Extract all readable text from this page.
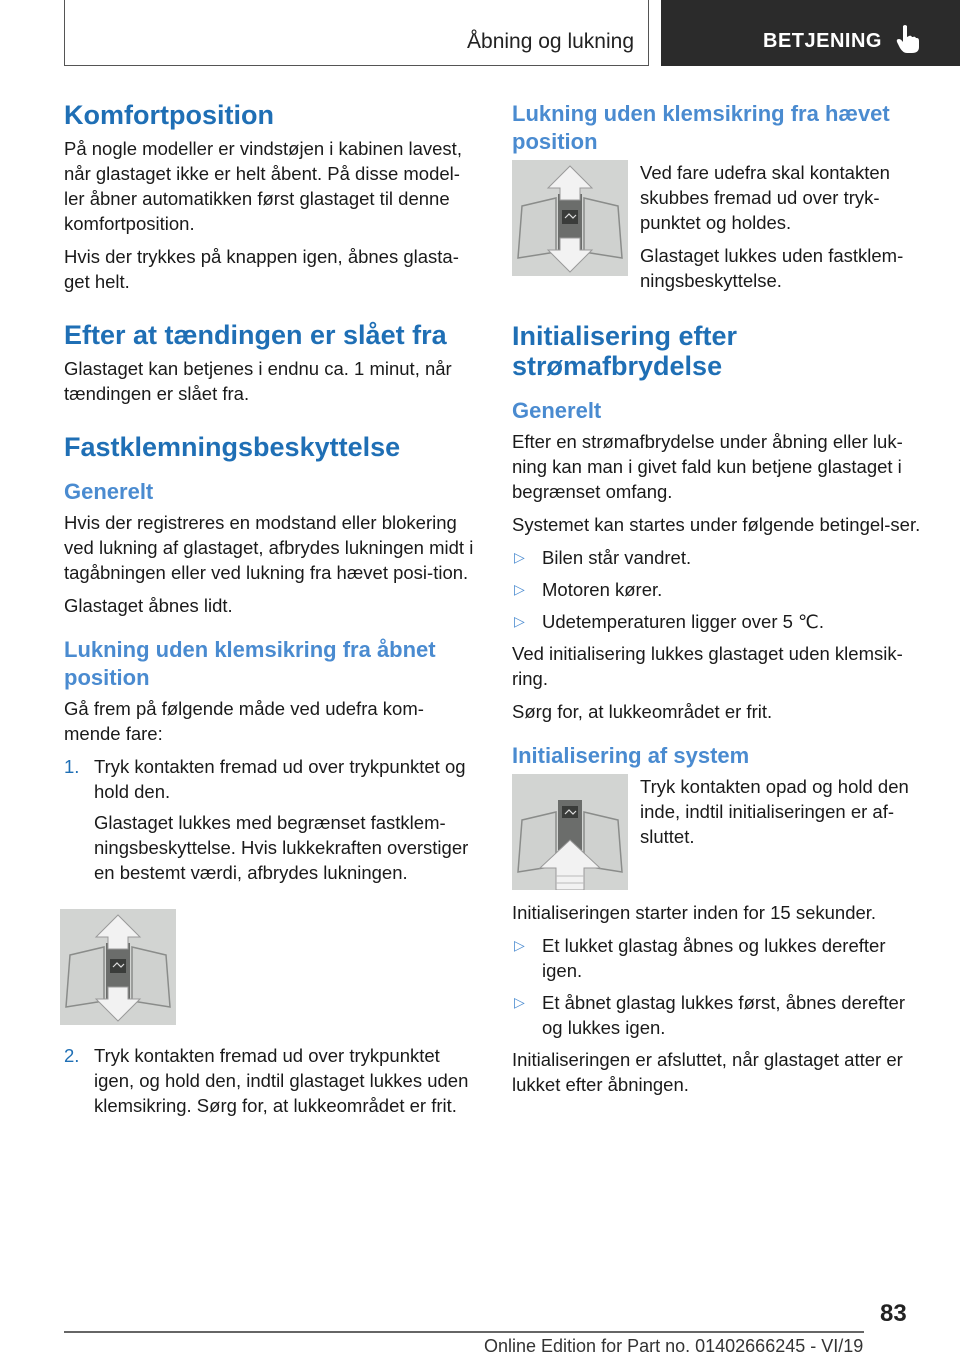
Åbning og lukning	BETJENING
Komfortposition

På nogle modeller er vindstøjen i kabinen lavest, når glastaget ikke er helt åbent. På disse model-ler åbner automatikken først glastaget til denne komfortposition.

Hvis der trykkes på knappen igen, åbnes glasta-get helt.

Efter at tændingen er slået fra

Glastaget kan betjenes i endnu ca. 1 minut, når tændingen er slået fra.

Fastklemningsbeskyttelse
Generelt

Hvis der registreres en modstand eller blokering ved lukning af glastaget, afbrydes lukningen midt i tagåbningen eller ved lukning fra hævet posi-tion.

Glastaget åbnes lidt.

Lukning uden klemsikring fra åbnet position

Gå frem på følgende måde ved udefra kom-mende fare:

1. Tryk kontakten fremad ud over trykpunktet og hold den.

Glastaget lukkes med begrænset fastklem-ningsbeskyttelse. Hvis lukkekraften overstiger en bestemt værdi, afbrydes lukningen.

2. Tryk kontakten fremad ud over trykpunktet igen, og hold den, indtil glastaget lukkes uden klemsikring. Sørg for, at lukkeområdet er frit.

Lukning uden klemsikring fra hævet position

Ved fare udefra skal kontakten skubbes fremad ud over tryk-punktet og holdes.

Glastaget lukkes uden fastklem-ningsbeskyttelse.

Initialisering efter strømafbrydelse
Generelt

Efter en strømafbrydelse under åbning eller luk-ning kan man i givet fald kun betjene glastaget i begrænset omfang.

Systemet kan startes under følgende betingel-ser.

▷ Bilen står vandret.
▷ Motoren kører.
▷ Udetemperaturen ligger over 5 ℃.

Ved initialisering lukkes glastaget uden klemsik-ring.

Sørg for, at lukkeområdet er frit.

Initialisering af system

Tryk kontakten opad og hold den inde, indtil initialiseringen er af-sluttet.

Initialiseringen starter inden for 15 sekunder.

▷ Et lukket glastag åbnes og lukkes derefter igen.
▷ Et åbnet glastag lukkes først, åbnes derefter og lukkes igen.

Initialiseringen er afsluttet, når glastaget atter er lukket efter åbningen.

83
Online Edition for Part no. 01402666245 - VI/19
